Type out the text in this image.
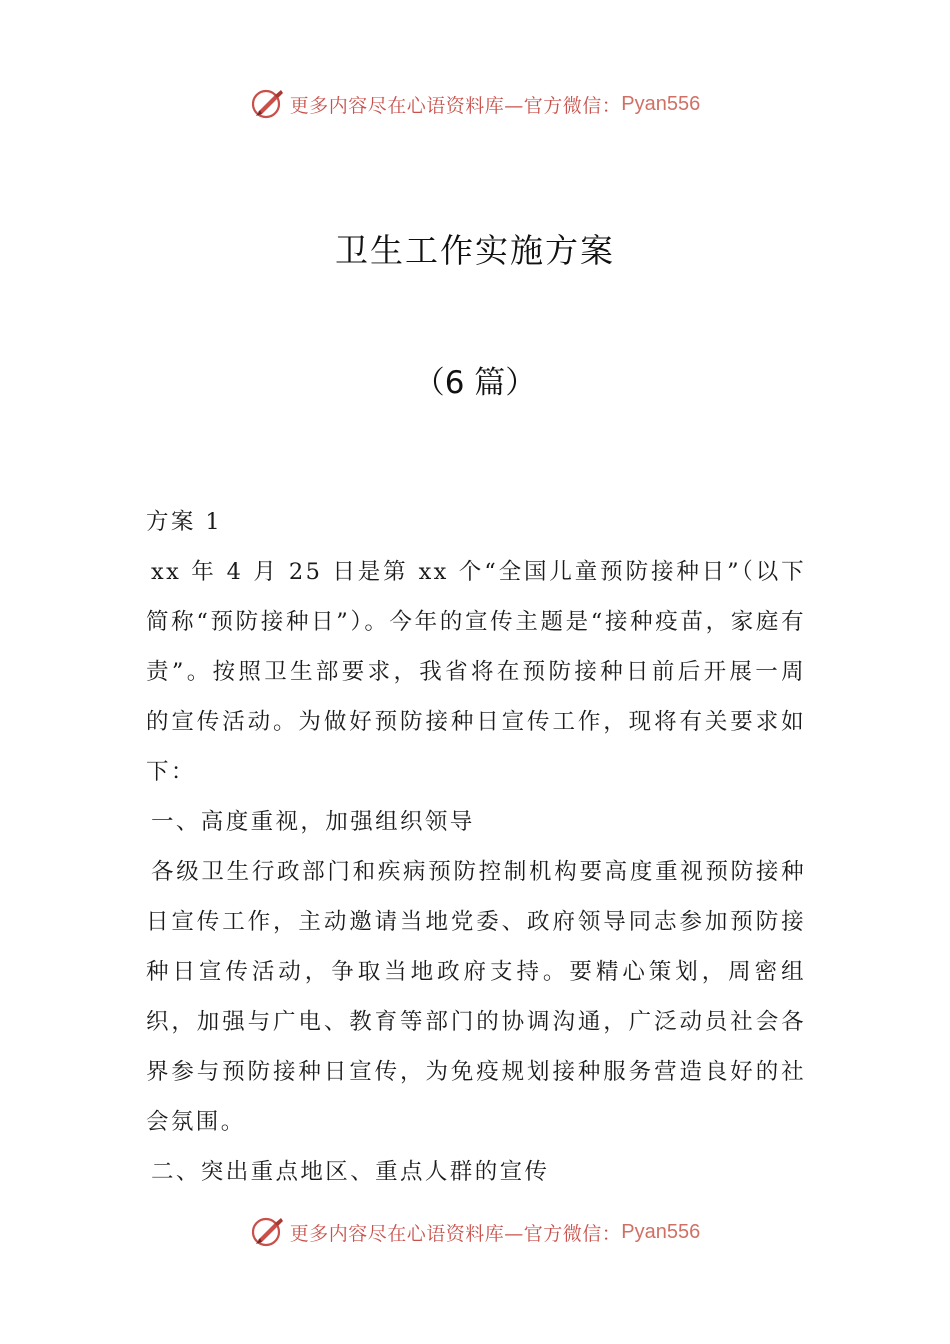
更多内容尽在心语资料库—官方微信： Pyan556
卫生工作实施方案
（6 篇）

方案 1

xx 年 4 月 25 日是第 xx 个“全国儿童预防接种日”（以下简称“预防接种日”）。今年的宣传主题是“接种疫苗，家庭有责”。按照卫生部要求，我省将在预防接种日前后开展一周的宣传活动。为做好预防接种日宣传工作，现将有关要求如下：

一、高度重视，加强组织领导

各级卫生行政部门和疾病预防控制机构要高度重视预防接种日宣传工作，主动邀请当地党委、政府领导同志参加预防接种日宣传活动，争取当地政府支持。要精心策划，周密组织，加强与广电、教育等部门的协调沟通，广泛动员社会各界参与预防接种日宣传，为免疫规划接种服务营造良好的社会氛围。

二、突出重点地区、重点人群的宣传

更多内容尽在心语资料库—官方微信： Pyan556
